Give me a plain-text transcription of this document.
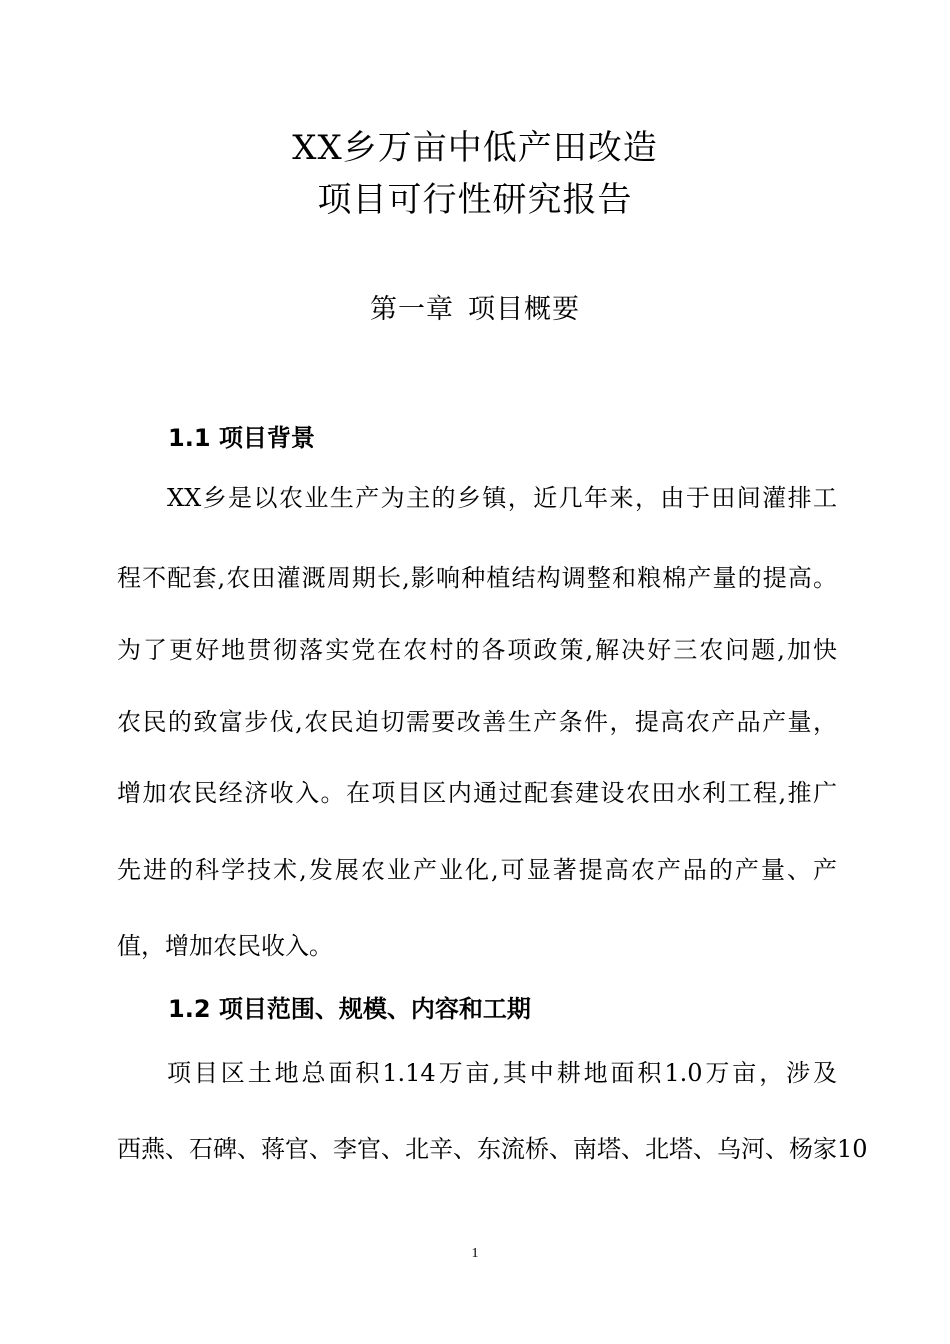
XX乡万亩中低产田改造
项目可行性研究报告
第一章 项目概要
1.1 项目背景
XX乡是以农业生产为主的乡镇，近几年来，由于田间灌排工
程不配套,农田灌溉周期长,影响种植结构调整和粮棉产量的提高。
为了更好地贯彻落实党在农村的各项政策,解决好三农问题,加快
农民的致富步伐,农民迫切需要改善生产条件，提高农产品产量，
增加农民经济收入。在项目区内通过配套建设农田水利工程,推广
先进的科学技术,发展农业产业化,可显著提高农产品的产量、产
值，增加农民收入。
1.2 项目范围、规模、内容和工期
项目区土地总面积1.14万亩,其中耕地面积1.0万亩，涉及
西燕、石碑、蒋官、李官、北辛、东流桥、南塔、北塔、乌河、杨家10
1
